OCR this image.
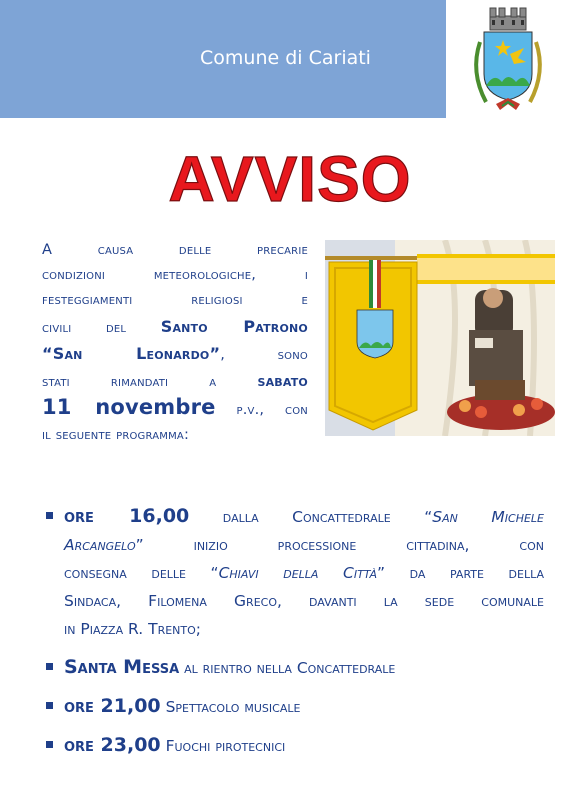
Comune di Cariati
AVVISO
A causa delle precarie
condizioni meteorologiche, i
festeggiamenti religiosi e
civili del Santo Patrono
“San Leonardo”, sono
stati rimandati a sabato
11 novembre p.v., con
il seguente programma:
ore 16,00 dalla Concattedrale “San Michele
Arcangelo” inizio processione cittadina, con
consegna delle “Chiavi della Città” da parte della
Sindaca, Filomena Greco, davanti la sede comunale
in Piazza R. Trento;
Santa Messa al rientro nella Concattedrale
ore 21,00 Spettacolo musicale
ore 23,00 Fuochi pirotecnici
